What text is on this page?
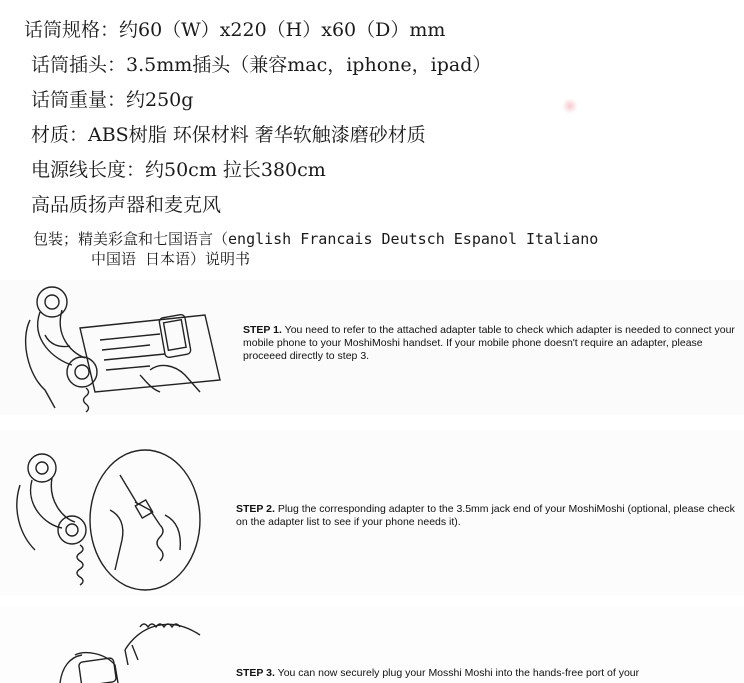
话筒规格：约60（W）x220（H）x60（D）mm
话筒插头：3.5mm插头（兼容mac，iphone，ipad）
话筒重量：约250g
材质：ABS树脂 环保材料 奢华软触漆磨砂材质
电源线长度：约50cm 拉长380cm
高品质扬声器和麦克风
包装；精美彩盒和七国语言（english Francais Deutsch Espanol Italiano
中国语 日本语）说明书
STEP 1. You need to refer to the attached adapter table to check which adapter is needed to connect your mobile phone to your MoshiMoshi handset. If your mobile phone doesn't require an adapter, please proceeed directly to step 3.
STEP 2. Plug the corresponding adapter to the 3.5mm jack end of your MoshiMoshi (optional, please check on the adapter list to see if your phone needs it).
STEP 3. You can now securely plug your Mosshi Moshi into the hands-free port of your
